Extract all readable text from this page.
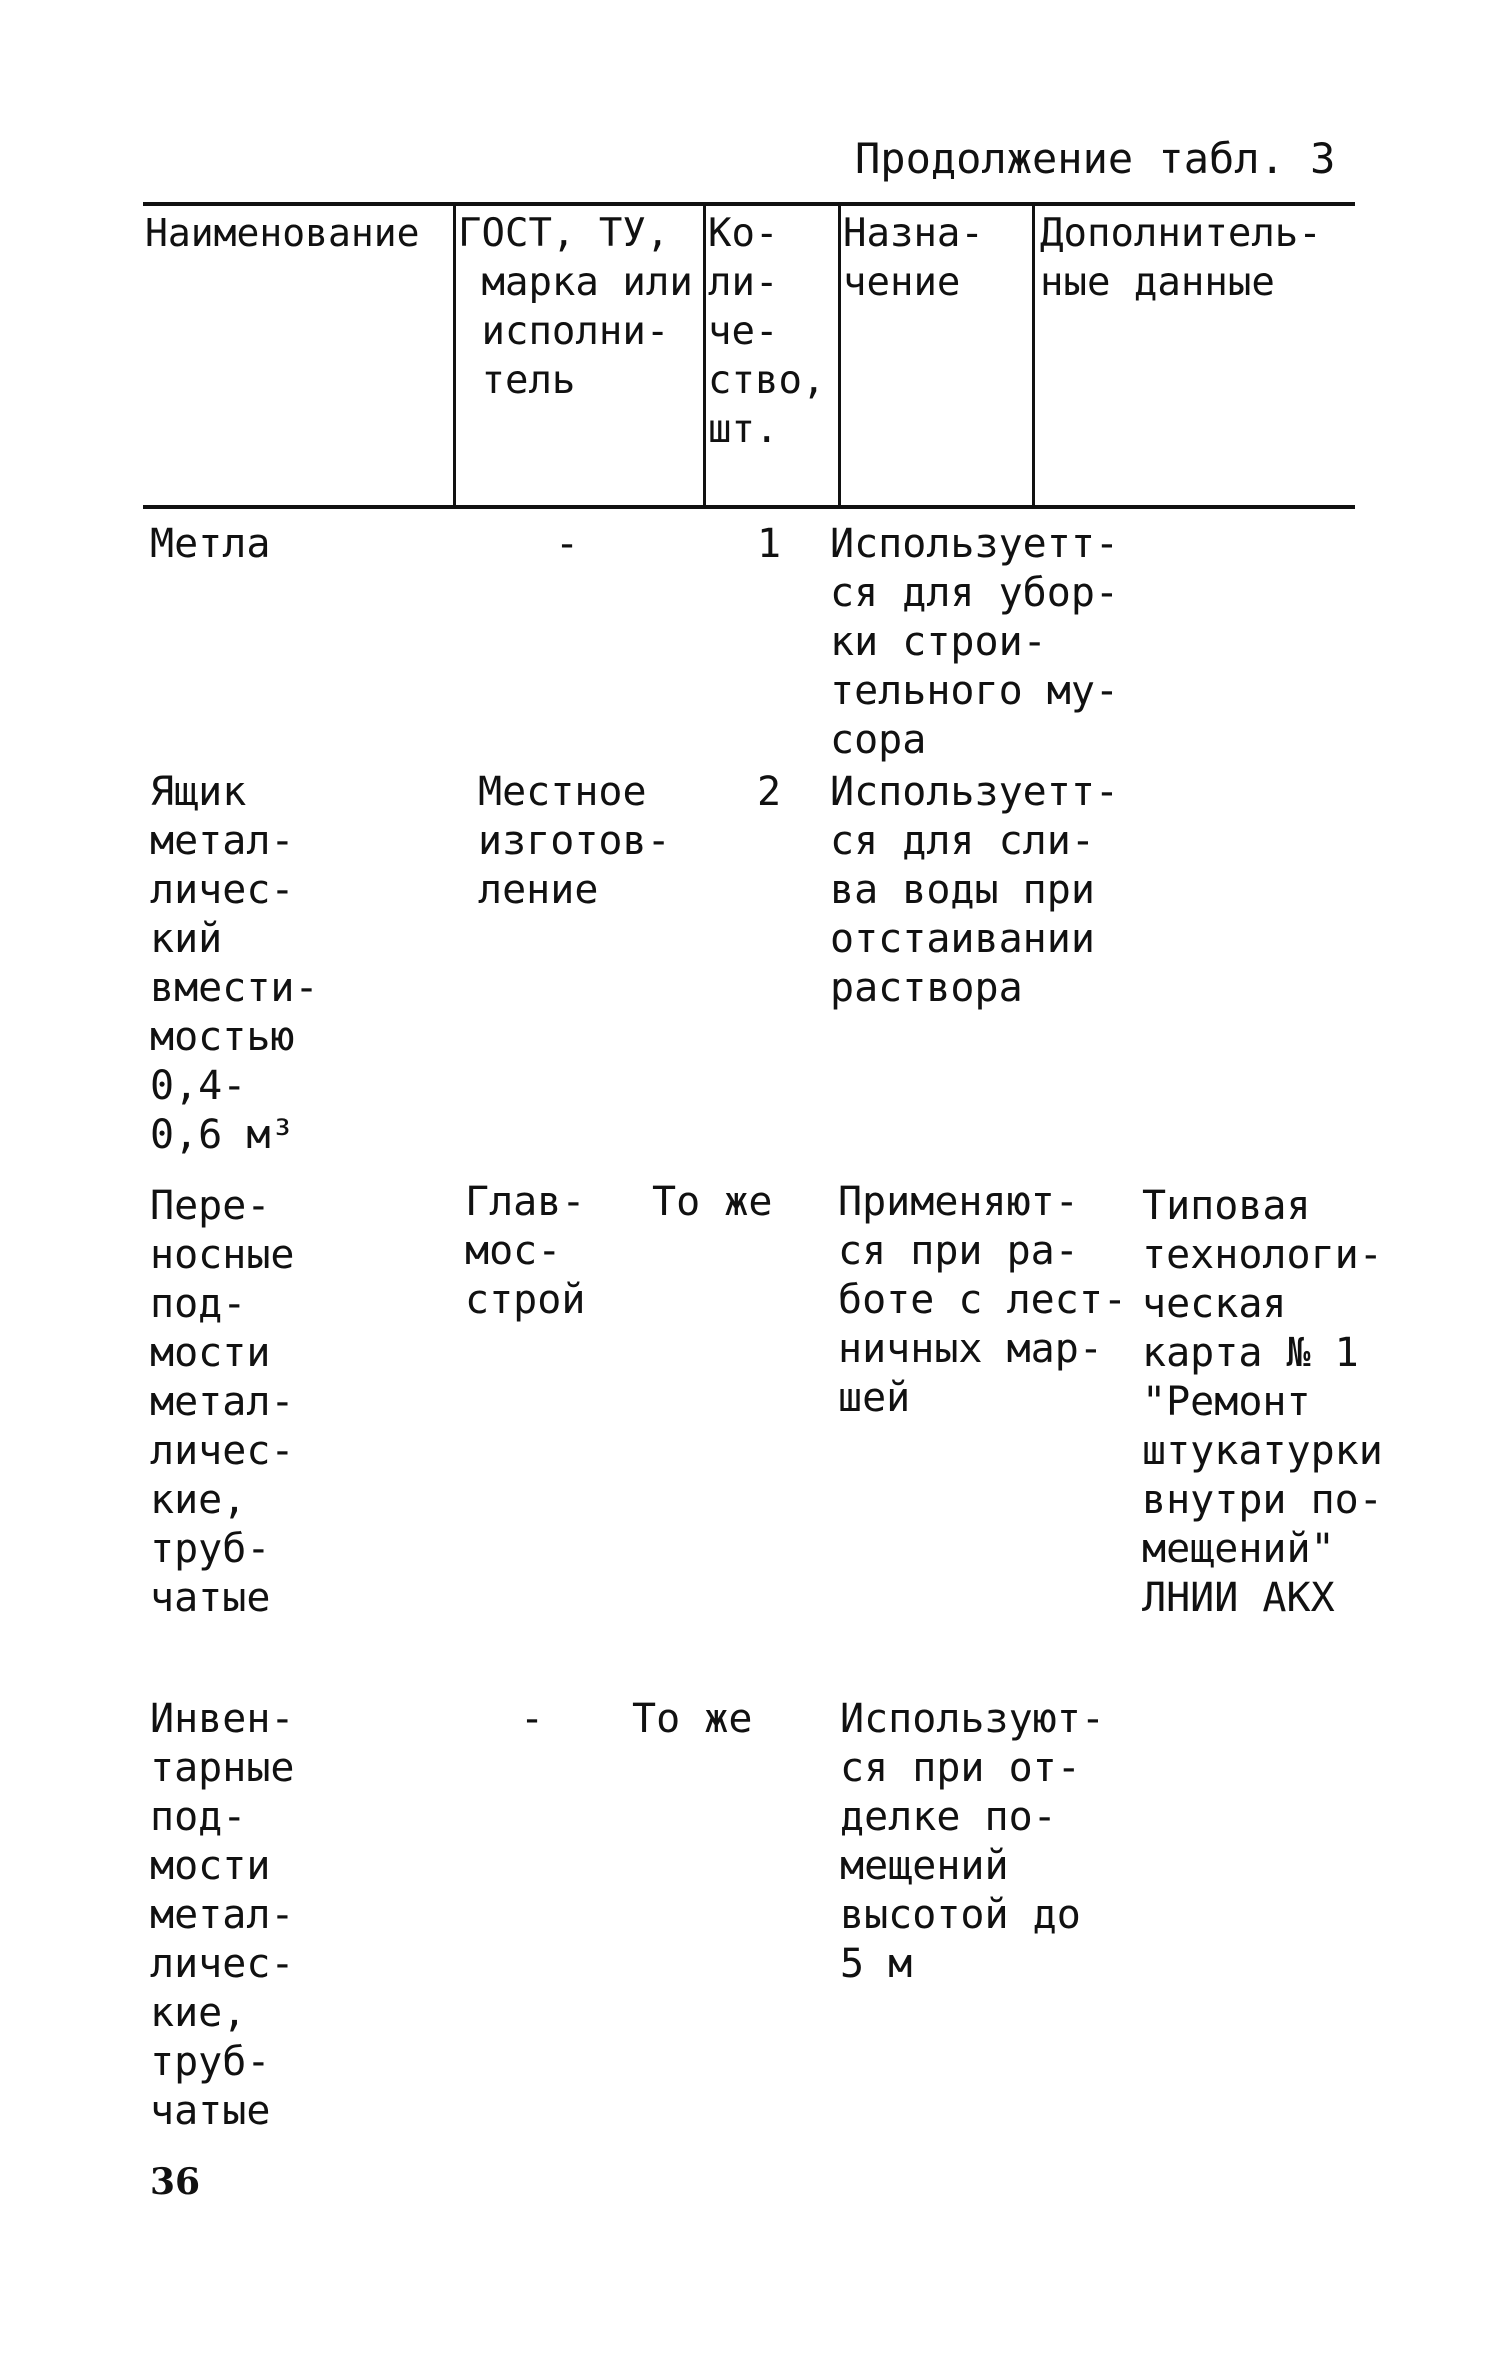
Продолжение табл. 3
Наименование ГОСТ, ТУ,
марка или
исполни-
тель
Ко-
ли-
че-
ство,
шт.
Назна-
чение
Дополнитель-
ные данные
Метла	-	1 Используетт-
ся для убор-
ки строи-
тельного му-
сора
Ящик
метал-
личес-
кий
вмести-
мостью
0,4-
0,6 м³
Местное
изготов-
ление
2 Используетт-
ся для сли-
ва воды при
отстаивании
раствора
Пере-
носные
под-
мости
метал-
личес-
кие,
труб-
чатые
Глав-
мос-
строй
То же Применяют-
ся при ра-
боте с лест-
ничных мар-
шей
Типовая
технологи-
ческая
карта № 1
"Ремонт
штукатурки
внутри по-
мещений"
ЛНИИ АКХ
Инвен-
тарные
под-
мости
метал-
личес-
кие,
труб-
чатые
- То же Используют-
ся при от-
делке по-
мещений
высотой до
5 м
36
